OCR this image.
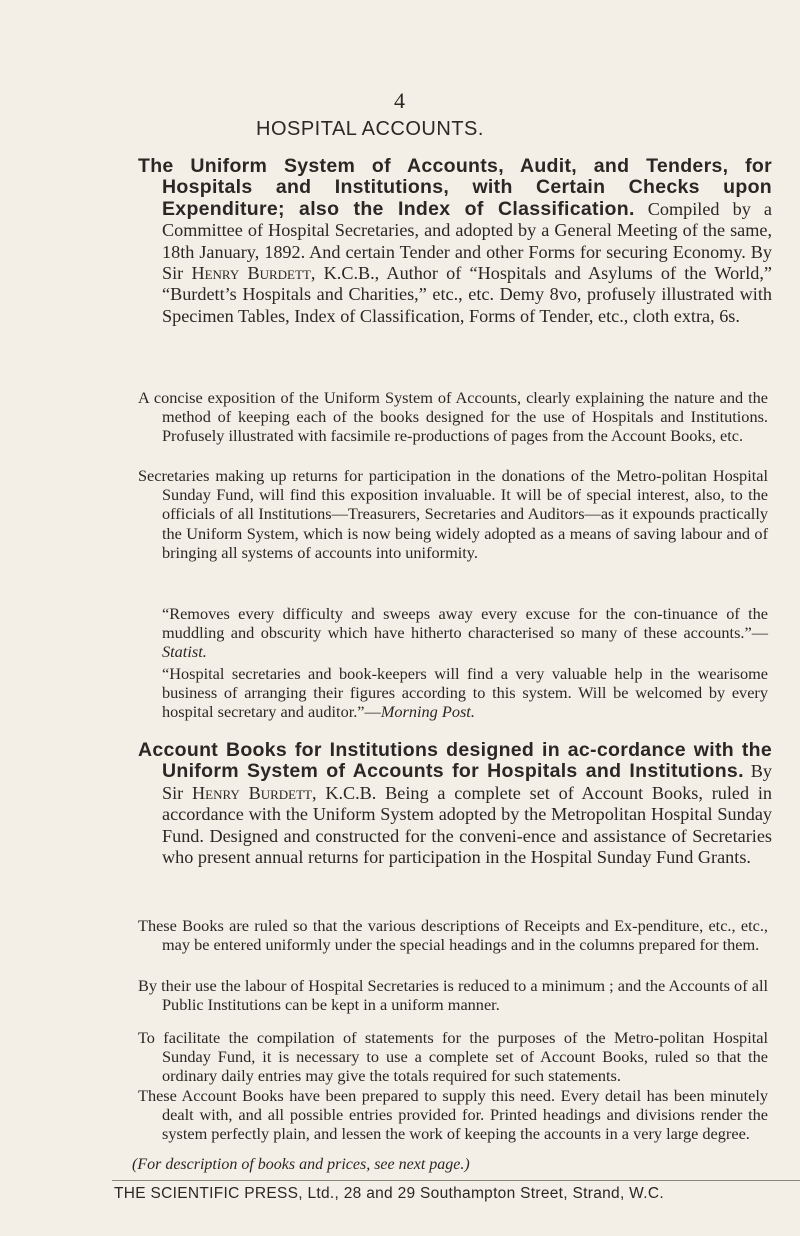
4
HOSPITAL ACCOUNTS.

The Uniform System of Accounts, Audit, and Tenders, for Hospitals and Institutions, with Certain Checks upon Expenditure; also the Index of Classification. Compiled by a Committee of Hospital Secretaries, and adopted by a General Meeting of the same, 18th January, 1892. And certain Tender and other Forms for securing Economy. By Sir Henry Burdett, K.C.B., Author of “Hospitals and Asylums of the World,” “Burdett’s Hospitals and Charities,” etc., etc. Demy 8vo, profusely illustrated with Specimen Tables, Index of Classification, Forms of Tender, etc., cloth extra, 6s.

A concise exposition of the Uniform System of Accounts, clearly explaining the nature and the method of keeping each of the books designed for the use of Hospitals and Institutions. Profusely illustrated with facsimile re-productions of pages from the Account Books, etc.

Secretaries making up returns for participation in the donations of the Metro-politan Hospital Sunday Fund, will find this exposition invaluable. It will be of special interest, also, to the officials of all Institutions—Treasurers, Secretaries and Auditors—as it expounds practically the Uniform System, which is now being widely adopted as a means of saving labour and of bringing all systems of accounts into uniformity.

“Removes every difficulty and sweeps away every excuse for the con-tinuance of the muddling and obscurity which have hitherto characterised so many of these accounts.”—Statist.

“Hospital secretaries and book-keepers will find a very valuable help in the wearisome business of arranging their figures according to this system. Will be welcomed by every hospital secretary and auditor.”—Morning Post.

Account Books for Institutions designed in ac-cordance with the Uniform System of Accounts for Hospitals and Institutions. By Sir Henry Burdett, K.C.B. Being a complete set of Account Books, ruled in accordance with the Uniform System adopted by the Metropolitan Hospital Sunday Fund. Designed and constructed for the conveni-ence and assistance of Secretaries who present annual returns for participation in the Hospital Sunday Fund Grants.

These Books are ruled so that the various descriptions of Receipts and Ex-penditure, etc., etc., may be entered uniformly under the special headings and in the columns prepared for them.

By their use the labour of Hospital Secretaries is reduced to a minimum ; and the Accounts of all Public Institutions can be kept in a uniform manner.

To facilitate the compilation of statements for the purposes of the Metro-politan Hospital Sunday Fund, it is necessary to use a complete set of Account Books, ruled so that the ordinary daily entries may give the totals required for such statements.

These Account Books have been prepared to supply this need. Every detail has been minutely dealt with, and all possible entries provided for. Printed headings and divisions render the system perfectly plain, and lessen the work of keeping the accounts in a very large degree.

(For description of books and prices, see next page.)
THE SCIENTIFIC PRESS, Ltd., 28 and 29 Southampton Street, Strand, W.C.
